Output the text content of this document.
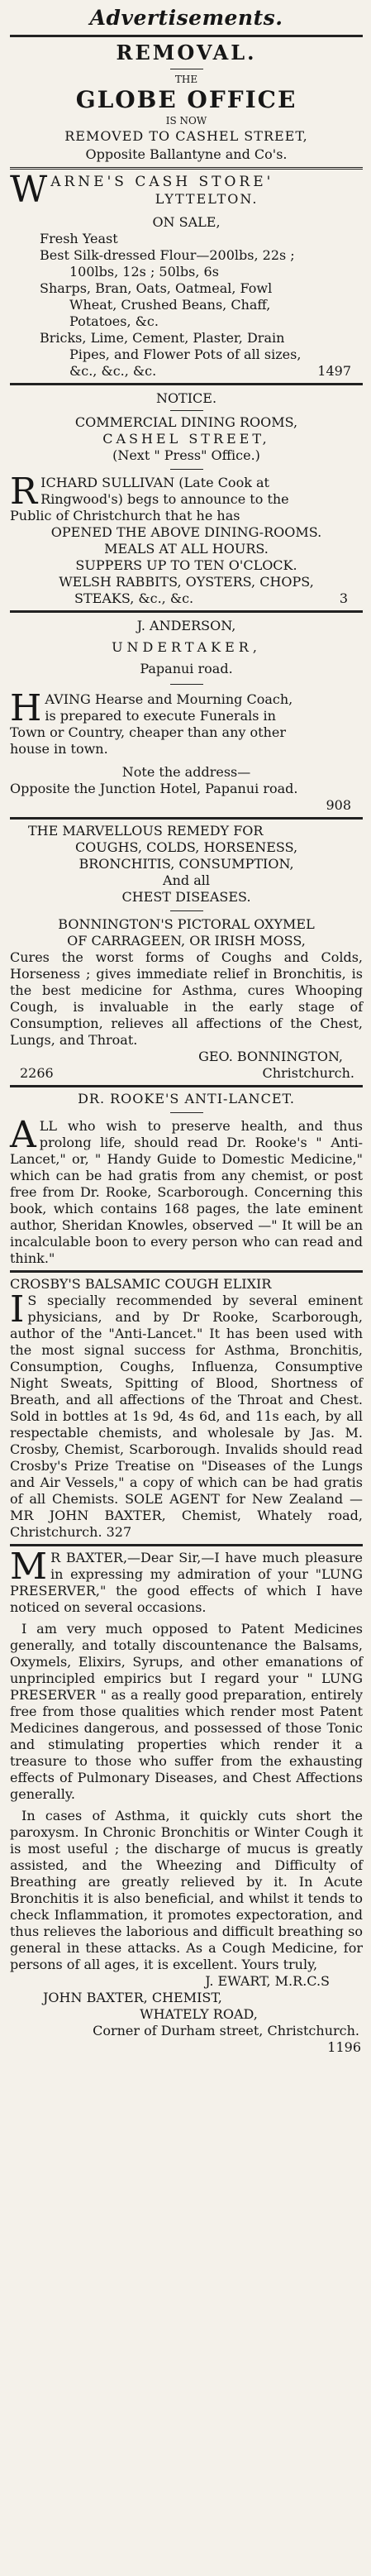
Advertisements.
REMOVAL.
THE
GLOBE OFFICE
IS NOW
REMOVED TO CASHEL STREET,
Opposite Ballantyne and Co's.
W ARNE'S CASH STORE'
LYTTELTON.
ON SALE,
Fresh Yeast
Best Silk-dressed Flour—200lbs, 22s ;
100lbs, 12s ; 50lbs, 6s
Sharps, Bran, Oats, Oatmeal, Fowl
Wheat, Crushed Beans, Chaff,
Potatoes, &c.
Bricks, Lime, Cement, Plaster, Drain
Pipes, and Flower Pots of all sizes,
&c., &c., &c.	1497
NOTICE.
COMMERCIAL DINING ROOMS,
CASHEL STREET,
(Next " Press" Office.)
R ICHARD SULLIVAN (Late Cook at
Ringwood's) begs to announce to the
Public of Christchurch that he has
OPENED THE ABOVE DINING-ROOMS.
MEALS AT ALL HOURS.
SUPPERS UP TO TEN O'CLOCK.
WELSH RABBITS, OYSTERS, CHOPS,
STEAKS, &c., &c.	3
J. ANDERSON,
UNDERTAKER,
Papanui road.
H AVING Hearse and Mourning Coach,
is prepared to execute Funerals in
Town or Country, cheaper than any other
house in town.
Note the address—
Opposite the Junction Hotel, Papanui road.
908
THE MARVELLOUS REMEDY FOR
COUGHS, COLDS, HORSENESS,
BRONCHITIS, CONSUMPTION,
And all
CHEST DISEASES.
BONNINGTON'S PICTORAL OXYMEL
OF CARRAGEEN, OR IRISH MOSS,

Cures the worst forms of Coughs and Colds, Horseness ; gives immediate relief in Bronchitis, is the best medicine for Asthma, cures Whooping Cough, is invaluable in the early stage of Consumption, relieves all affections of the Chest, Lungs, and Throat.

GEO. BONNINGTON,
2266	Christchurch.
DR. ROOKE'S ANTI-LANCET.

ALL who wish to preserve health, and thus prolong life, should read Dr. Rooke's " Anti-Lancet," or, " Handy Guide to Domestic Medicine," which can be had gratis from any chemist, or post free from Dr. Rooke, Scarborough. Concerning this book, which contains 168 pages, the late eminent author, Sheridan Knowles, observed —" It will be an incalculable boon to every person who can read and think."

CROSBY'S BALSAMIC COUGH ELIXIR

I S specially recommended by several eminent physicians, and by Dr Rooke, Scarborough, author of the "Anti-Lancet." It has been used with the most signal success for Asthma, Bronchitis, Consumption, Coughs, Influenza, Consumptive Night Sweats, Spitting of Blood, Shortness of Breath, and all affections of the Throat and Chest. Sold in bottles at 1s 9d, 4s 6d, and 11s each, by all respectable chemists, and wholesale by Jas. M. Crosby, Chemist, Scarborough. Invalids should read Crosby's Prize Treatise on "Diseases of the Lungs and Air Vessels," a copy of which can be had gratis of all Chemists. SOLE AGENT for New Zealand — MR JOHN BAXTER, Chemist, Whately road, Christchurch. 327

M R BAXTER,—Dear Sir,—I have much pleasure in expressing my admiration of your "LUNG PRESERVER," the good effects of which I have noticed on several occasions.

I am very much opposed to Patent Medicines generally, and totally discountenance the Balsams, Oxymels, Elixirs, Syrups, and other emanations of unprincipled empirics but I regard your " LUNG PRESERVER " as a really good preparation, entirely free from those qualities which render most Patent Medicines dangerous, and possessed of those Tonic and stimulating properties which render it a treasure to those who suffer from the exhausting effects of Pulmonary Diseases, and Chest Affections generally.

In cases of Asthma, it quickly cuts short the paroxysm. In Chronic Bronchitis or Winter Cough it is most useful ; the discharge of mucus is greatly assisted, and the Wheezing and Difficulty of Breathing are greatly relieved by it. In Acute Bronchitis it is also beneficial, and whilst it tends to check Inflammation, it promotes expectoration, and thus relieves the laborious and difficult breathing so general in these attacks. As a Cough Medicine, for persons of all ages, it is excellent. Yours truly,

J. EWART, M.R.C.S
JOHN BAXTER, CHEMIST,
WHATELY ROAD,
Corner of Durham street, Christchurch.
1196
